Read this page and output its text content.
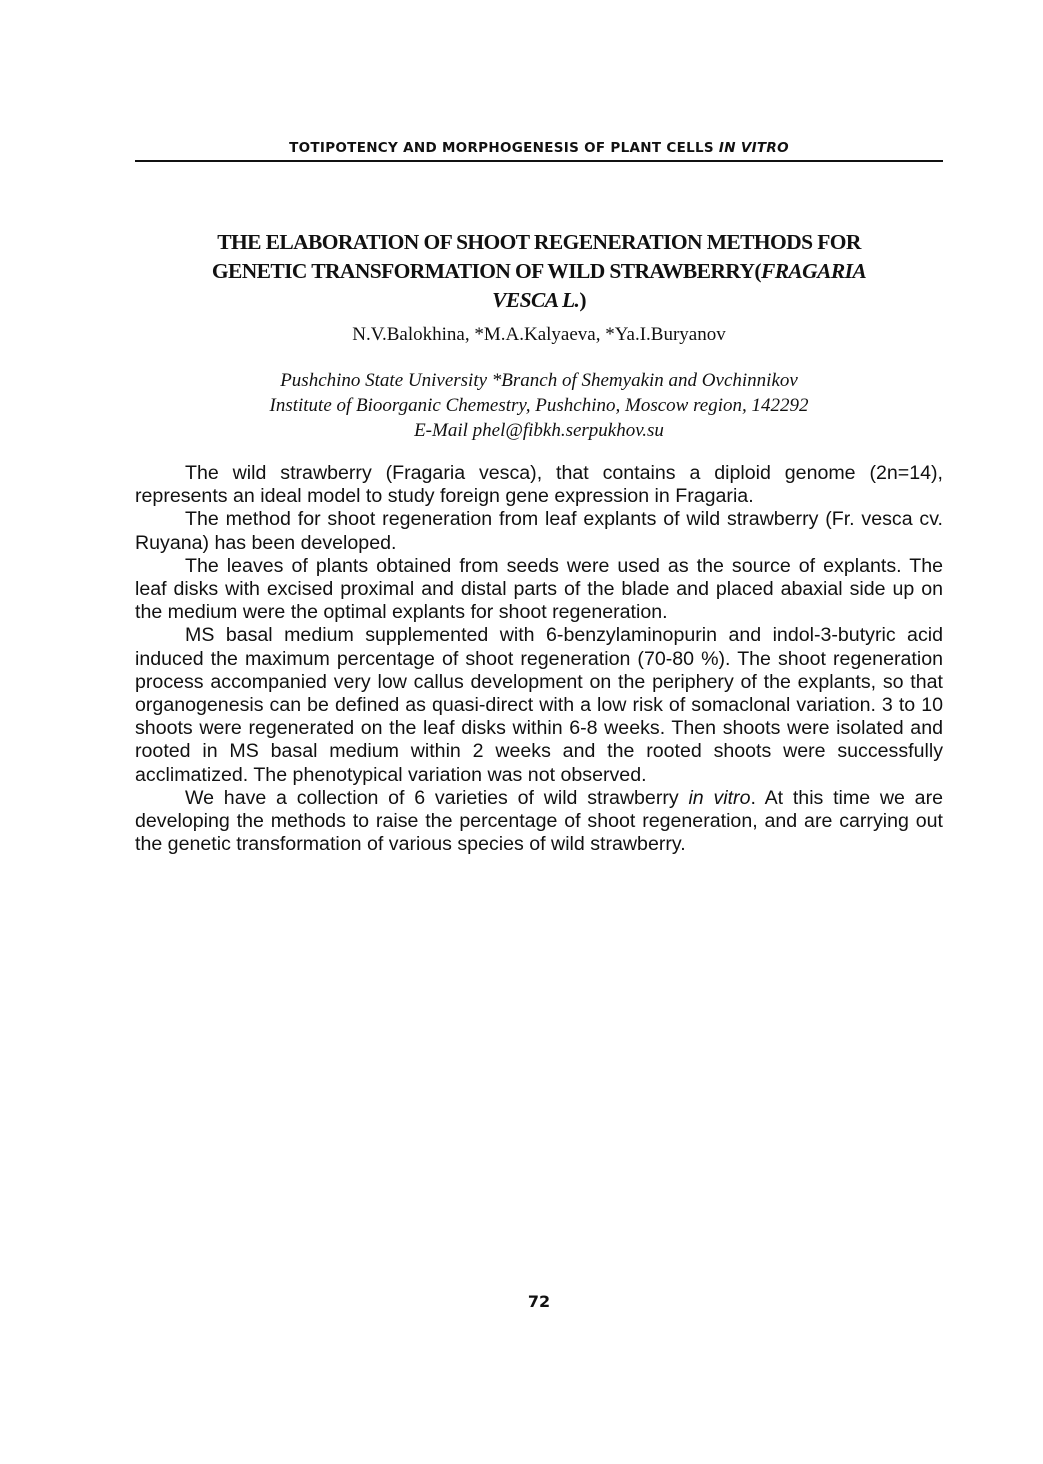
TOTIPOTENCY AND MORPHOGENESIS OF PLANT CELLS IN VITRO
THE ELABORATION OF SHOOT REGENERATION METHODS FOR
GENETIC TRANSFORMATION OF WILD STRAWBERRY(FRAGARIA
VESCA L.)
N.V.Balokhina, *M.A.Kalyaeva, *Ya.I.Buryanov
Pushchino State University *Branch of Shemyakin and Ovchinnikov
Institute of Bioorganic Chemestry, Pushchino, Moscow region, 142292
E-Mail phel@fibkh.serpukhov.su

The wild strawberry (Fragaria vesca), that contains a diploid genome (2n=14), represents an ideal model to study foreign gene expression in Fragaria.

The method for shoot regeneration from leaf explants of wild strawberry (Fr. vesca cv. Ruyana) has been developed.

The leaves of plants obtained from seeds were used as the source of explants. The leaf disks with excised proximal and distal parts of the blade and placed abaxial side up on the medium were the optimal explants for shoot regeneration.

MS basal medium supplemented with 6-benzylaminopurin and indol-3-butyric acid induced the maximum percentage of shoot regeneration (70-80 %). The shoot regeneration process accompanied very low callus development on the periphery of the explants, so that organogenesis can be defined as quasi-direct with a low risk of somaclonal variation. 3 to 10 shoots were regenerated on the leaf disks within 6-8 weeks. Then shoots were isolated and rooted in MS basal medium within 2 weeks and the rooted shoots were successfully acclimatized. The phenotypical variation was not observed.

We have a collection of 6 varieties of wild strawberry in vitro. At this time we are developing the methods to raise the percentage of shoot regeneration, and are carrying out the genetic transformation of various species of wild strawberry.

72
